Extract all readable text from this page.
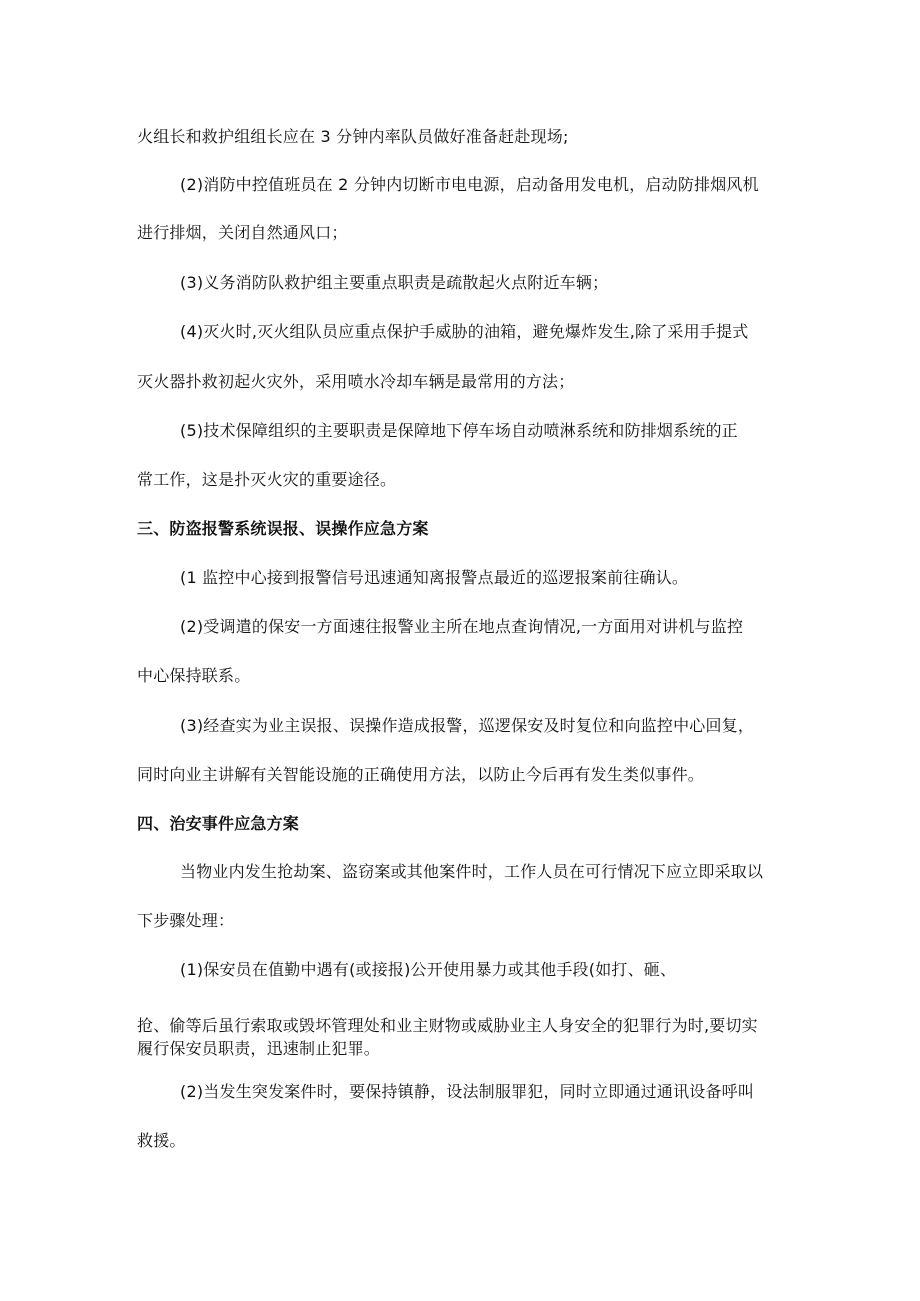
火组长和救护组组长应在 3 分钟内率队员做好准备赶赴现场;
(2)消防中控值班员在 2 分钟内切断市电电源，启动备用发电机，启动防排烟风机
进行排烟，关闭自然通风口；
(3)义务消防队救护组主要重点职责是疏散起火点附近车辆；
(4)灭火时,灭火组队员应重点保护手威胁的油箱，避免爆炸发生,除了采用手提式
灭火器扑救初起火灾外，采用喷水冷却车辆是最常用的方法；
(5)技术保障组织的主要职责是保障地下停车场自动喷淋系统和防排烟系统的正
常工作，这是扑灭火灾的重要途径。
三、防盗报警系统误报、误操作应急方案
(1 监控中心接到报警信号迅速通知离报警点最近的巡逻报案前往确认。
(2)受调遣的保安一方面速往报警业主所在地点查询情况,一方面用对讲机与监控
中心保持联系。
(3)经查实为业主误报、误操作造成报警，巡逻保安及时复位和向监控中心回复，
同时向业主讲解有关智能设施的正确使用方法，以防止今后再有发生类似事件。
四、治安事件应急方案
当物业内发生抢劫案、盗窃案或其他案件时，工作人员在可行情况下应立即采取以
下步骤处理：
(1)保安员在值勤中遇有(或接报)公开使用暴力或其他手段(如打、砸、
抢、偷等后虽行索取或毁坏管理处和业主财物或威胁业主人身安全的犯罪行为时,要切实
履行保安员职责，迅速制止犯罪。
(2)当发生突发案件时，要保持镇静，设法制服罪犯，同时立即通过通讯设备呼叫
救援。
